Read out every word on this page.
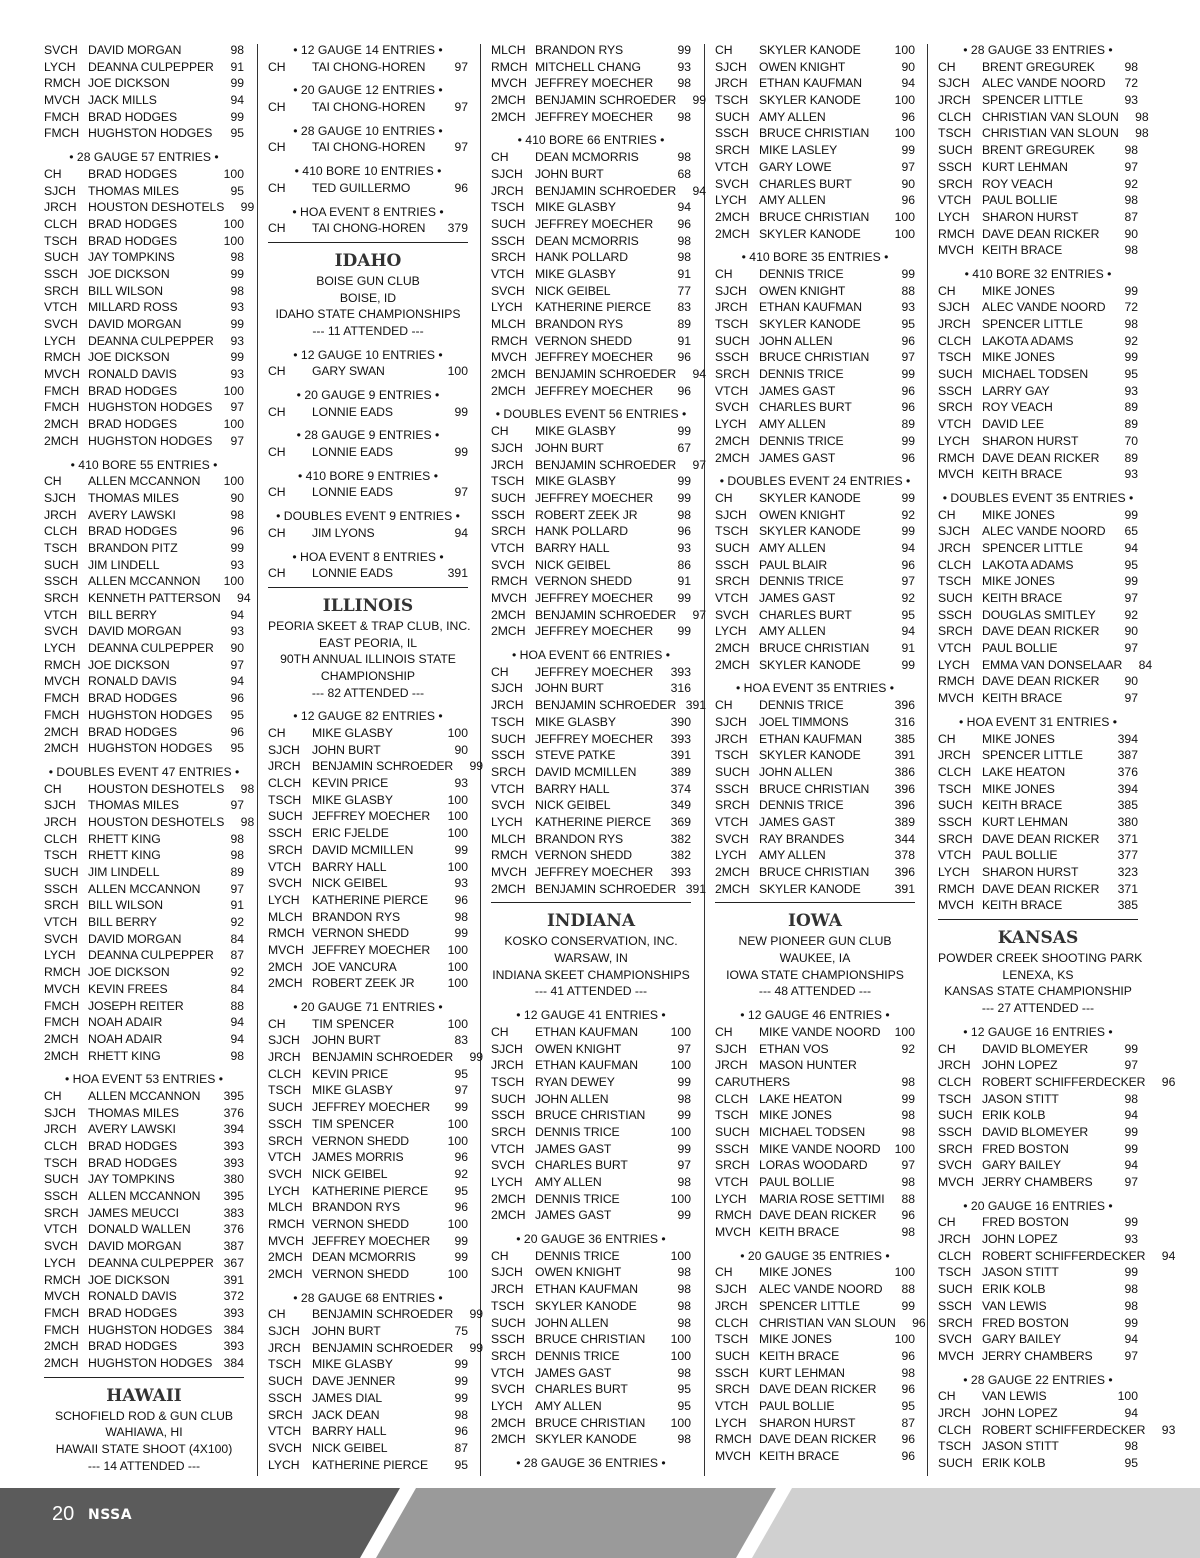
SVCH DAVID MORGAN	98
LYCH	DEANNA CULPEPPER	91
RMCH JOE DICKSON	99
MVCH JACK MILLS	94
FMCH BRAD HODGES	99
FMCH HUGHSTON HODGES	95
• 28 GAUGE 57 ENTRIES •
CH	BRAD HODGES	100
SJCH THOMAS MILES	95
JRCH HOUSTON DESHOTELS	99
CLCH BRAD HODGES	100
TSCH BRAD HODGES	100
SUCH JAY TOMPKINS	98
SSCH JOE DICKSON	99
SRCH BILL WILSON	98
VTCH MILLARD ROSS	93
SVCH DAVID MORGAN	99
LYCH	DEANNA CULPEPPER	93
RMCH JOE DICKSON	99
MVCH RONALD DAVIS	93
FMCH BRAD HODGES	100
FMCH HUGHSTON HODGES	97
2MCH BRAD HODGES	100
2MCH HUGHSTON HODGES	97
• 410 BORE 55 ENTRIES •
CH	ALLEN MCCANNON	100
SJCH THOMAS MILES	90
JRCH AVERY LAWSKI	98
CLCH BRAD HODGES	96
TSCH BRANDON PITZ	99
SUCH JIM LINDELL	93
SSCH ALLEN MCCANNON	100
SRCH KENNETH PATTERSON	94
VTCH BILL BERRY	94
SVCH DAVID MORGAN	93
LYCH	DEANNA CULPEPPER	90
RMCH JOE DICKSON	97
MVCH RONALD DAVIS	94
FMCH BRAD HODGES	96
FMCH HUGHSTON HODGES	95
2MCH BRAD HODGES	96
2MCH HUGHSTON HODGES	95
• DOUBLES EVENT 47 ENTRIES •
CH	HOUSTON DESHOTELS	98
SJCH THOMAS MILES	97
JRCH HOUSTON DESHOTELS	98
CLCH RHETT KING	98
TSCH RHETT KING	98
SUCH JIM LINDELL	89
SSCH ALLEN MCCANNON	97
SRCH BILL WILSON	91
VTCH BILL BERRY	92
SVCH DAVID MORGAN	84
LYCH	DEANNA CULPEPPER	87
RMCH JOE DICKSON	92
MVCH KEVIN FREES	84
FMCH JOSEPH REITER	88
FMCH NOAH ADAIR	94
2MCH NOAH ADAIR	94
2MCH RHETT KING	98
• HOA EVENT 53 ENTRIES •
CH	ALLEN MCCANNON	395
SJCH THOMAS MILES	376
JRCH AVERY LAWSKI	394
CLCH BRAD HODGES	393
TSCH BRAD HODGES	393
SUCH JAY TOMPKINS	380
SSCH ALLEN MCCANNON	395
SRCH JAMES MEUCCI	383
VTCH DONALD WALLEN	376
SVCH DAVID MORGAN	387
LYCH	DEANNA CULPEPPER 367
RMCH JOE DICKSON	391
MVCH RONALD DAVIS	372
FMCH BRAD HODGES	393
FMCH HUGHSTON HODGES 384
2MCH BRAD HODGES	393
2MCH HUGHSTON HODGES 384
HAWAII
SCHOFIELD ROD & GUN CLUB
WAHIAWA, HI
HAWAII STATE SHOOT (4X100)
--- 14 ATTENDED ---
• 12 GAUGE 14 ENTRIES •
CH	TAI CHONG-HOREN	97
• 20 GAUGE 12 ENTRIES •
CH	TAI CHONG-HOREN	97
• 28 GAUGE 10 ENTRIES •
CH	TAI CHONG-HOREN	97
• 410 BORE 10 ENTRIES •
CH	TED GUILLERMO	96
• HOA EVENT 8 ENTRIES •
CH	TAI CHONG-HOREN	379
IDAHO
BOISE GUN CLUB
BOISE, ID
IDAHO STATE CHAMPIONSHIPS
--- 11 ATTENDED ---
• 12 GAUGE 10 ENTRIES •
CH	GARY SWAN	100
• 20 GAUGE 9 ENTRIES •
CH	LONNIE EADS	99
• 28 GAUGE 9 ENTRIES •
CH	LONNIE EADS	99
• 410 BORE 9 ENTRIES •
CH	LONNIE EADS	97
• DOUBLES EVENT 9 ENTRIES •
CH	JIM LYONS	94
• HOA EVENT 8 ENTRIES •
CH	LONNIE EADS	391
ILLINOIS
PEORIA SKEET & TRAP CLUB, INC.
EAST PEORIA, IL
90TH ANNUAL ILLINOIS STATE
CHAMPIONSHIP
--- 82 ATTENDED ---
• 12 GAUGE 82 ENTRIES •
CH	MIKE GLASBY	100
SJCH JOHN BURT	90
JRCH BENJAMIN SCHROEDER	99
CLCH KEVIN PRICE	93
TSCH MIKE GLASBY	100
SUCH JEFFREY MOECHER	100
SSCH ERIC FJELDE	100
SRCH DAVID MCMILLEN	99
VTCH BARRY HALL	100
SVCH NICK GEIBEL	93
LYCH	KATHERINE PIERCE	96
MLCH BRANDON RYS	98
RMCH VERNON SHEDD	99
MVCH JEFFREY MOECHER	100
2MCH JOE VANCURA	100
2MCH ROBERT ZEEK JR	100
• 20 GAUGE 71 ENTRIES •
CH	TIM SPENCER	100
SJCH JOHN BURT	83
JRCH BENJAMIN SCHROEDER	99
CLCH KEVIN PRICE	95
TSCH MIKE GLASBY	97
SUCH JEFFREY MOECHER	99
SSCH TIM SPENCER	100
SRCH VERNON SHEDD	100
VTCH JAMES MORRIS	96
SVCH NICK GEIBEL	92
LYCH	KATHERINE PIERCE	95
MLCH BRANDON RYS	96
RMCH VERNON SHEDD	100
MVCH JEFFREY MOECHER	99
2MCH DEAN MCMORRIS	99
2MCH VERNON SHEDD	100
• 28 GAUGE 68 ENTRIES •
CH	BENJAMIN SCHROEDER	99
SJCH JOHN BURT	75
JRCH BENJAMIN SCHROEDER	99
TSCH MIKE GLASBY	99
SUCH DAVE JENNER	99
SSCH JAMES DIAL	99
SRCH JACK DEAN	98
VTCH BARRY HALL	96
SVCH NICK GEIBEL	87
LYCH	KATHERINE PIERCE	95
MLCH BRANDON RYS	99
RMCH MITCHELL CHANG	93
MVCH JEFFREY MOECHER	98
2MCH BENJAMIN SCHROEDER	99
2MCH JEFFREY MOECHER	98
• 410 BORE 66 ENTRIES •
CH	DEAN MCMORRIS	98
SJCH JOHN BURT	68
JRCH BENJAMIN SCHROEDER	94
TSCH MIKE GLASBY	94
SUCH JEFFREY MOECHER	96
SSCH DEAN MCMORRIS	98
SRCH HANK POLLARD	98
VTCH MIKE GLASBY	91
SVCH NICK GEIBEL	77
LYCH	KATHERINE PIERCE	83
MLCH BRANDON RYS	89
RMCH VERNON SHEDD	91
MVCH JEFFREY MOECHER	96
2MCH BENJAMIN SCHROEDER	94
2MCH JEFFREY MOECHER	96
• DOUBLES EVENT 56 ENTRIES •
CH	MIKE GLASBY	99
SJCH JOHN BURT	67
JRCH BENJAMIN SCHROEDER	97
TSCH MIKE GLASBY	99
SUCH JEFFREY MOECHER	99
SSCH ROBERT ZEEK JR	98
SRCH HANK POLLARD	96
VTCH BARRY HALL	93
SVCH NICK GEIBEL	86
RMCH VERNON SHEDD	91
MVCH JEFFREY MOECHER	99
2MCH BENJAMIN SCHROEDER	97
2MCH JEFFREY MOECHER	99
• HOA EVENT 66 ENTRIES •
CH	JEFFREY MOECHER	393
SJCH JOHN BURT	316
JRCH BENJAMIN SCHROEDER 391
TSCH MIKE GLASBY	390
SUCH JEFFREY MOECHER	393
SSCH STEVE PATKE	391
SRCH DAVID MCMILLEN	389
VTCH BARRY HALL	374
SVCH NICK GEIBEL	349
LYCH	KATHERINE PIERCE	369
MLCH BRANDON RYS	382
RMCH VERNON SHEDD	382
MVCH JEFFREY MOECHER	393
2MCH BENJAMIN SCHROEDER 391
INDIANA
KOSKO CONSERVATION, INC.
WARSAW, IN
INDIANA SKEET CHAMPIONSHIPS
--- 41 ATTENDED ---
• 12 GAUGE 41 ENTRIES •
CH	ETHAN KAUFMAN	100
SJCH OWEN KNIGHT	97
JRCH ETHAN KAUFMAN	100
TSCH RYAN DEWEY	99
SUCH JOHN ALLEN	98
SSCH BRUCE CHRISTIAN	99
SRCH DENNIS TRICE	100
VTCH JAMES GAST	99
SVCH CHARLES BURT	97
LYCH	AMY ALLEN	98
2MCH DENNIS TRICE	100
2MCH JAMES GAST	99
• 20 GAUGE 36 ENTRIES •
CH	DENNIS TRICE	100
SJCH OWEN KNIGHT	98
JRCH ETHAN KAUFMAN	98
TSCH SKYLER KANODE	98
SUCH JOHN ALLEN	98
SSCH BRUCE CHRISTIAN	100
SRCH DENNIS TRICE	100
VTCH JAMES GAST	98
SVCH CHARLES BURT	95
LYCH	AMY ALLEN	95
2MCH BRUCE CHRISTIAN	100
2MCH SKYLER KANODE	98
• 28 GAUGE 36 ENTRIES •
CH	SKYLER KANODE	100
SJCH OWEN KNIGHT	90
JRCH ETHAN KAUFMAN	94
TSCH SKYLER KANODE	100
SUCH AMY ALLEN	96
SSCH BRUCE CHRISTIAN	100
SRCH MIKE LASLEY	99
VTCH GARY LOWE	97
SVCH CHARLES BURT	90
LYCH	AMY ALLEN	96
2MCH BRUCE CHRISTIAN	100
2MCH SKYLER KANODE	100
• 410 BORE 35 ENTRIES •
CH	DENNIS TRICE	99
SJCH OWEN KNIGHT	88
JRCH ETHAN KAUFMAN	93
TSCH SKYLER KANODE	95
SUCH JOHN ALLEN	96
SSCH BRUCE CHRISTIAN	97
SRCH DENNIS TRICE	99
VTCH JAMES GAST	96
SVCH CHARLES BURT	96
LYCH	AMY ALLEN	89
2MCH DENNIS TRICE	99
2MCH JAMES GAST	96
• DOUBLES EVENT 24 ENTRIES •
CH	SKYLER KANODE	99
SJCH OWEN KNIGHT	92
TSCH SKYLER KANODE	99
SUCH AMY ALLEN	94
SSCH PAUL BLAIR	96
SRCH DENNIS TRICE	97
VTCH JAMES GAST	92
SVCH CHARLES BURT	95
LYCH	AMY ALLEN	94
2MCH BRUCE CHRISTIAN	91
2MCH SKYLER KANODE	99
• HOA EVENT 35 ENTRIES •
CH	DENNIS TRICE	396
SJCH JOEL TIMMONS	316
JRCH ETHAN KAUFMAN	385
TSCH SKYLER KANODE	391
SUCH JOHN ALLEN	386
SSCH BRUCE CHRISTIAN	396
SRCH DENNIS TRICE	396
VTCH JAMES GAST	389
SVCH RAY BRANDES	344
LYCH	AMY ALLEN	378
2MCH BRUCE CHRISTIAN	396
2MCH SKYLER KANODE	391
IOWA
NEW PIONEER GUN CLUB
WAUKEE, IA
IOWA STATE CHAMPIONSHIPS
--- 48 ATTENDED ---
• 12 GAUGE 46 ENTRIES •
CH	MIKE VANDE NOORD	100
SJCH ETHAN VOS	92
JRCH MASON HUNTER
CARUTHERS	98
CLCH LAKE HEATON	99
TSCH MIKE JONES	98
SUCH MICHAEL TODSEN	98
SSCH MIKE VANDE NOORD	100
SRCH LORAS WOODARD	97
VTCH PAUL BOLLIE	98
LYCH	MARIA ROSE SETTIMI	88
RMCH DAVE DEAN RICKER	96
MVCH KEITH BRACE	98
• 20 GAUGE 35 ENTRIES •
CH	MIKE JONES	100
SJCH ALEC VANDE NOORD	88
JRCH SPENCER LITTLE	99
CLCH CHRISTIAN VAN SLOUN	96
TSCH MIKE JONES	100
SUCH KEITH BRACE	96
SSCH KURT LEHMAN	98
SRCH DAVE DEAN RICKER	96
VTCH PAUL BOLLIE	95
LYCH	SHARON HURST	87
RMCH DAVE DEAN RICKER	96
MVCH KEITH BRACE	96
• 28 GAUGE 33 ENTRIES •
CH	BRENT GREGUREK	98
SJCH ALEC VANDE NOORD	72
JRCH SPENCER LITTLE	93
CLCH CHRISTIAN VAN SLOUN	98
TSCH CHRISTIAN VAN SLOUN	98
SUCH BRENT GREGUREK	98
SSCH KURT LEHMAN	97
SRCH ROY VEACH	92
VTCH PAUL BOLLIE	98
LYCH	SHARON HURST	87
RMCH DAVE DEAN RICKER	90
MVCH KEITH BRACE	98
• 410 BORE 32 ENTRIES •
CH	MIKE JONES	99
SJCH ALEC VANDE NOORD	72
JRCH SPENCER LITTLE	98
CLCH LAKOTA ADAMS	92
TSCH MIKE JONES	99
SUCH MICHAEL TODSEN	95
SSCH LARRY GAY	93
SRCH ROY VEACH	89
VTCH DAVID LEE	89
LYCH	SHARON HURST	70
RMCH DAVE DEAN RICKER	89
MVCH KEITH BRACE	93
• DOUBLES EVENT 35 ENTRIES •
CH	MIKE JONES	99
SJCH ALEC VANDE NOORD	65
JRCH SPENCER LITTLE	94
CLCH LAKOTA ADAMS	95
TSCH MIKE JONES	99
SUCH KEITH BRACE	97
SSCH DOUGLAS SMITLEY	92
SRCH DAVE DEAN RICKER	90
VTCH PAUL BOLLIE	97
LYCH	EMMA VAN DONSELAAR	84
RMCH DAVE DEAN RICKER	90
MVCH KEITH BRACE	97
• HOA EVENT 31 ENTRIES •
CH	MIKE JONES	394
JRCH SPENCER LITTLE	387
CLCH LAKE HEATON	376
TSCH MIKE JONES	394
SUCH KEITH BRACE	385
SSCH KURT LEHMAN	380
SRCH DAVE DEAN RICKER	371
VTCH PAUL BOLLIE	377
LYCH	SHARON HURST	323
RMCH DAVE DEAN RICKER	371
MVCH KEITH BRACE	385
KANSAS
POWDER CREEK SHOOTING PARK
LENEXA, KS
KANSAS STATE CHAMPIONSHIP
--- 27 ATTENDED ---
• 12 GAUGE 16 ENTRIES •
CH	DAVID BLOMEYER	99
JRCH JOHN LOPEZ	97
CLCH ROBERT SCHIFFERDECKER	96
TSCH JASON STITT	98
SUCH ERIK KOLB	94
SSCH DAVID BLOMEYER	99
SRCH FRED BOSTON	99
SVCH GARY BAILEY	94
MVCH JERRY CHAMBERS	97
• 20 GAUGE 16 ENTRIES •
CH	FRED BOSTON	99
JRCH JOHN LOPEZ	93
CLCH ROBERT SCHIFFERDECKER	94
TSCH JASON STITT	99
SUCH ERIK KOLB	98
SSCH VAN LEWIS	98
SRCH FRED BOSTON	99
SVCH GARY BAILEY	94
MVCH JERRY CHAMBERS	97
• 28 GAUGE 22 ENTRIES •
CH	VAN LEWIS	100
JRCH JOHN LOPEZ	94
CLCH ROBERT SCHIFFERDECKER	93
TSCH JASON STITT	98
SUCH ERIK KOLB	95
20 NSSA
